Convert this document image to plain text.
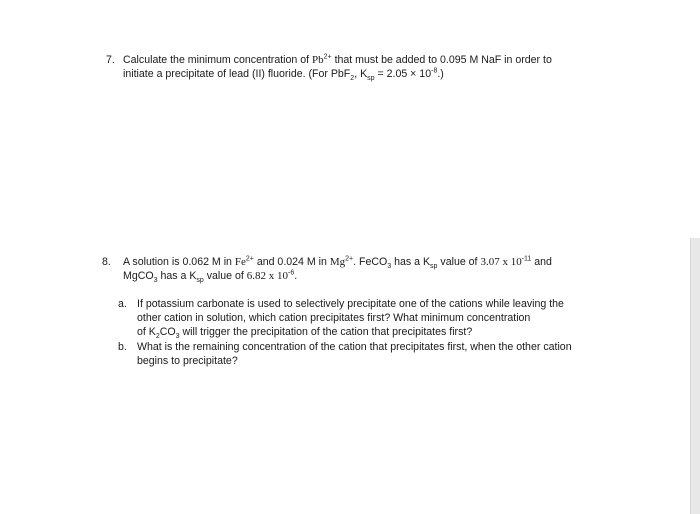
7. Calculate the minimum concentration of $Pb^{2+}$ that must be added to 0.095 M NaF in order to
initiate a precipitate of lead (II) fluoride. (For PbF$_2$, $K_{sp} = 2.05 \times 10^{-8}$.)
8. A solution is 0.062 M in $Fe^{2+}$ and 0.024 M in $Mg^{2+}$. FeCO$_3$ has a $K_{sp}$ value of 3.07 x $10^{-11}$ and
MgCO$_3$ has a $K_{sp}$ value of 6.82 x $10^{-6}$.
a. If potassium carbonate is used to selectively precipitate one of the cations while leaving the
other cation in solution, which cation precipitates first? What minimum concentration
of $K_2CO_3$ will trigger the precipitation of the cation that precipitates first?
b. What is the remaining concentration of the cation that precipitates first, when the other cation
begins to precipitate?
